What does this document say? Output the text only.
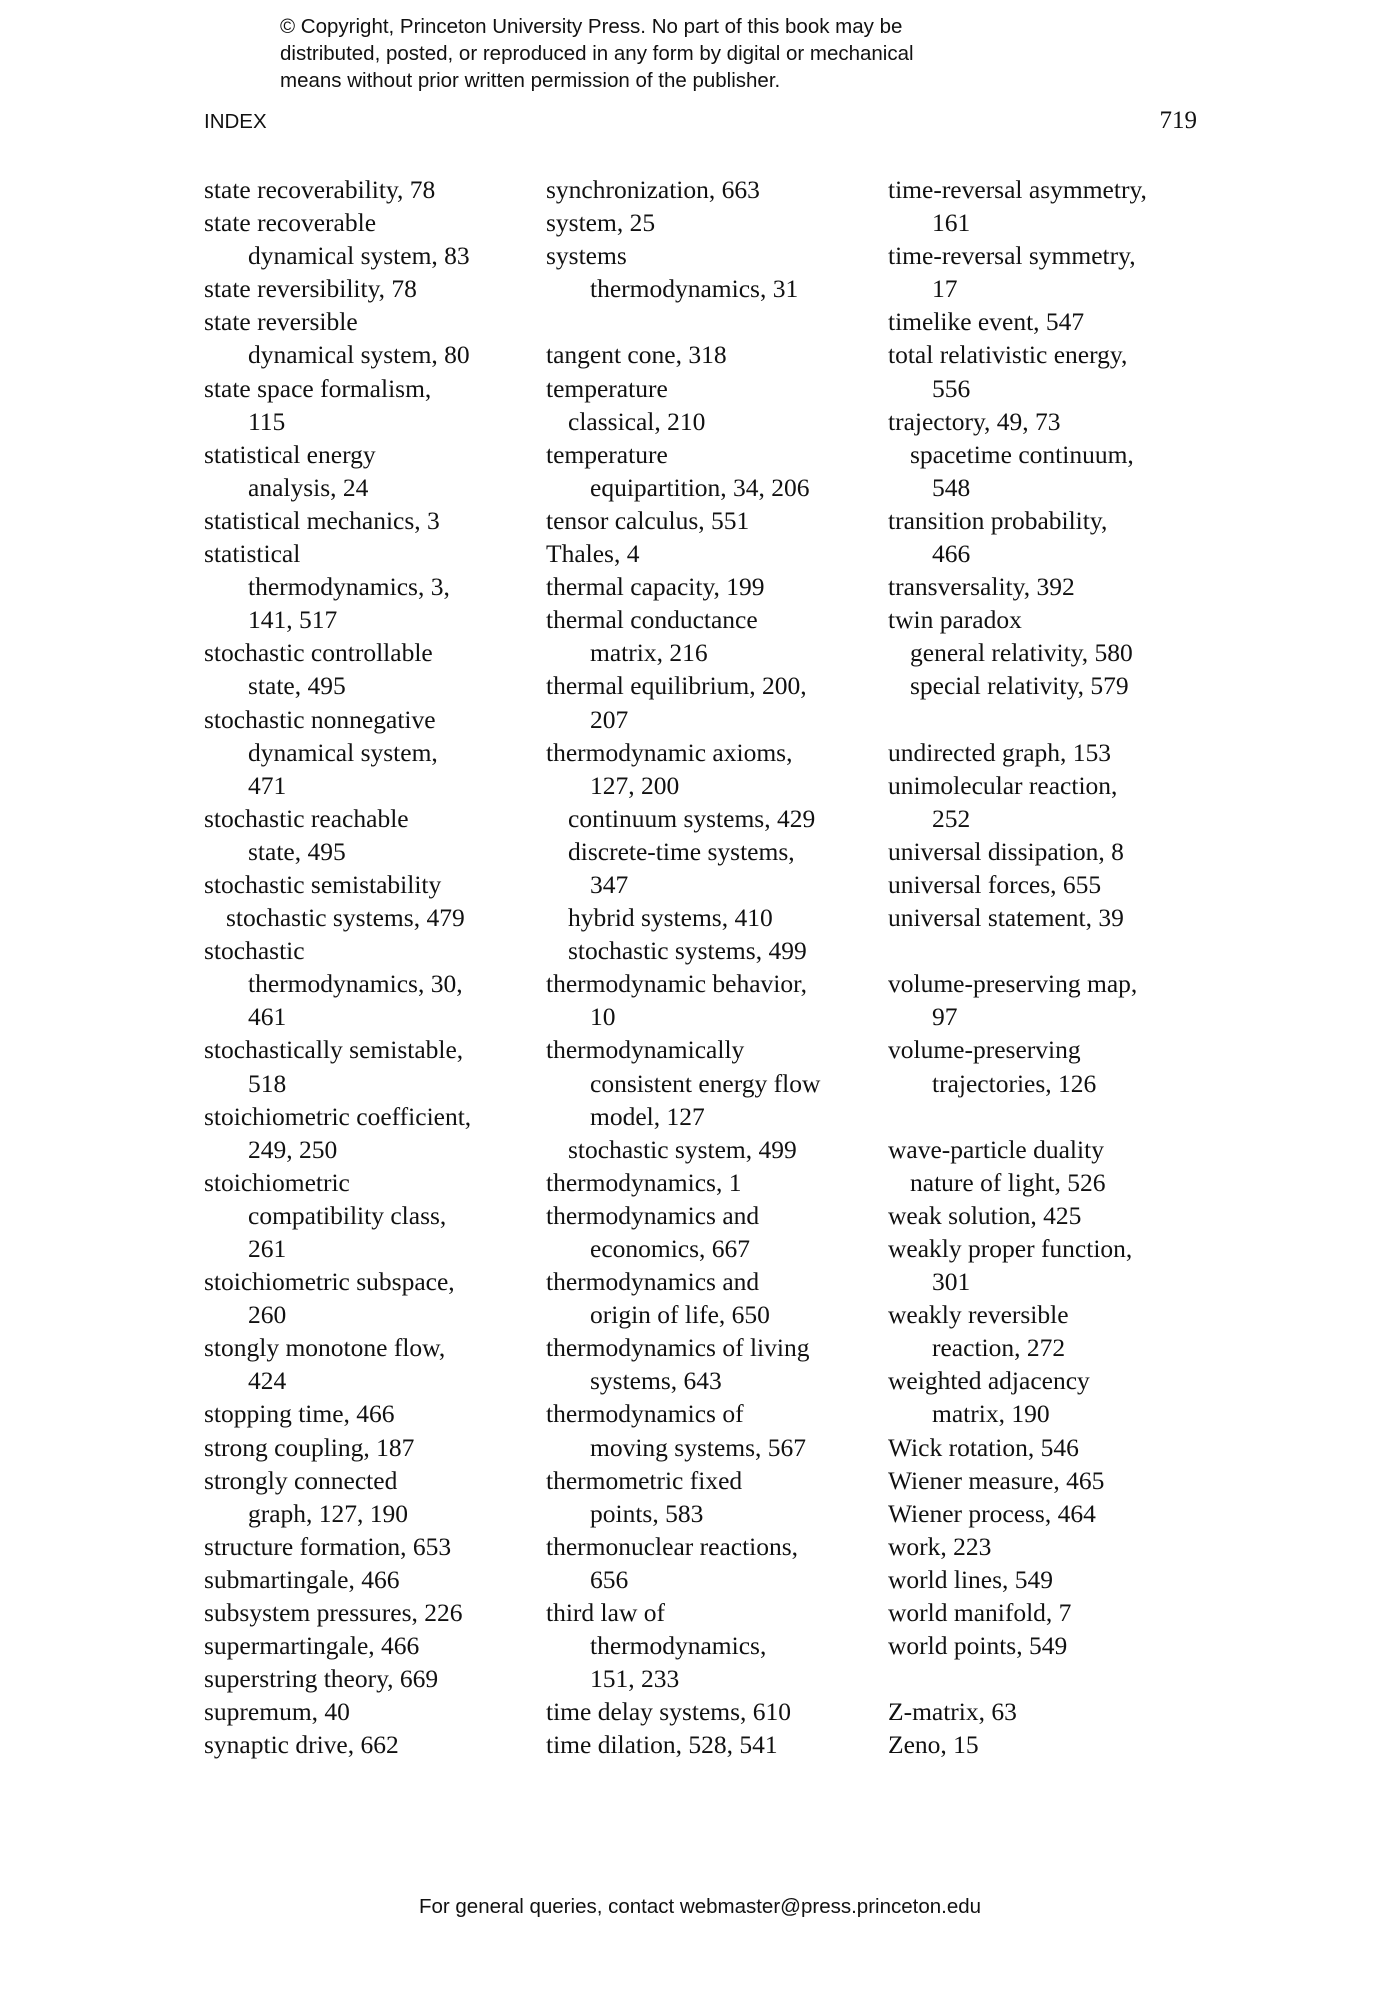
© Copyright, Princeton University Press. No part of this book may be
distributed, posted, or reproduced in any form by digital or mechanical
means without prior written permission of the publisher.
INDEX	719
state recoverability, 78
state recoverable
dynamical system, 83
state reversibility, 78
state reversible
dynamical system, 80
state space formalism,
115
statistical energy
analysis, 24
statistical mechanics, 3
statistical
thermodynamics, 3,
141, 517
stochastic controllable
state, 495
stochastic nonnegative
dynamical system,
471
stochastic reachable
state, 495
stochastic semistability
stochastic systems, 479
stochastic
thermodynamics, 30,
461
stochastically semistable,
518
stoichiometric coefficient,
249, 250
stoichiometric
compatibility class,
261
stoichiometric subspace,
260
stongly monotone flow,
424
stopping time, 466
strong coupling, 187
strongly connected
graph, 127, 190
structure formation, 653
submartingale, 466
subsystem pressures, 226
supermartingale, 466
superstring theory, 669
supremum, 40
synaptic drive, 662
synchronization, 663
system, 25
systems
thermodynamics, 31
tangent cone, 318
temperature
classical, 210
temperature
equipartition, 34, 206
tensor calculus, 551
Thales, 4
thermal capacity, 199
thermal conductance
matrix, 216
thermal equilibrium, 200,
207
thermodynamic axioms,
127, 200
continuum systems, 429
discrete-time systems,
347
hybrid systems, 410
stochastic systems, 499
thermodynamic behavior,
10
thermodynamically
consistent energy flow
model, 127
stochastic system, 499
thermodynamics, 1
thermodynamics and
economics, 667
thermodynamics and
origin of life, 650
thermodynamics of living
systems, 643
thermodynamics of
moving systems, 567
thermometric fixed
points, 583
thermonuclear reactions,
656
third law of
thermodynamics,
151, 233
time delay systems, 610
time dilation, 528, 541
time-reversal asymmetry,
161
time-reversal symmetry,
17
timelike event, 547
total relativistic energy,
556
trajectory, 49, 73
spacetime continuum,
548
transition probability,
466
transversality, 392
twin paradox
general relativity, 580
special relativity, 579
undirected graph, 153
unimolecular reaction,
252
universal dissipation, 8
universal forces, 655
universal statement, 39
volume-preserving map,
97
volume-preserving
trajectories, 126
wave-particle duality
nature of light, 526
weak solution, 425
weakly proper function,
301
weakly reversible
reaction, 272
weighted adjacency
matrix, 190
Wick rotation, 546
Wiener measure, 465
Wiener process, 464
work, 223
world lines, 549
world manifold, 7
world points, 549
Z-matrix, 63
Zeno, 15
For general queries, contact webmaster@press.princeton.edu
